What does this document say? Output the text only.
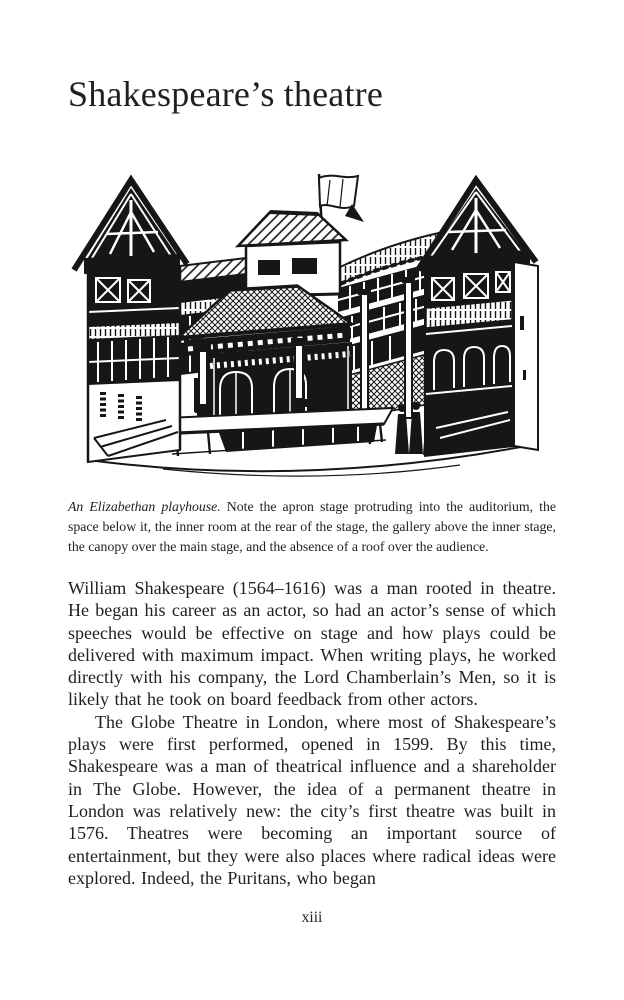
Shakespeare’s theatre
An Elizabethan playhouse. Note the apron stage protruding into the auditorium, the space below it, the inner room at the rear of the stage, the gallery above the inner stage, the canopy over the main stage, and the absence of a roof over the audience.

William Shakespeare (1564–1616) was a man rooted in theatre. He began his career as an actor, so had an actor’s sense of which speeches would be effective on stage and how plays could be delivered with maximum impact. When writing plays, he worked directly with his company, the Lord Chamberlain’s Men, so it is likely that he took on board feedback from other actors.

The Globe Theatre in London, where most of Shakespeare’s plays were first performed, opened in 1599. By this time, Shakespeare was a man of theatrical influence and a shareholder in The Globe. However, the idea of a permanent theatre in London was relatively new: the city’s first theatre was built in 1576. Theatres were becoming an important source of entertainment, but they were also places where radical ideas were explored. Indeed, the Puritans, who began

xiii
